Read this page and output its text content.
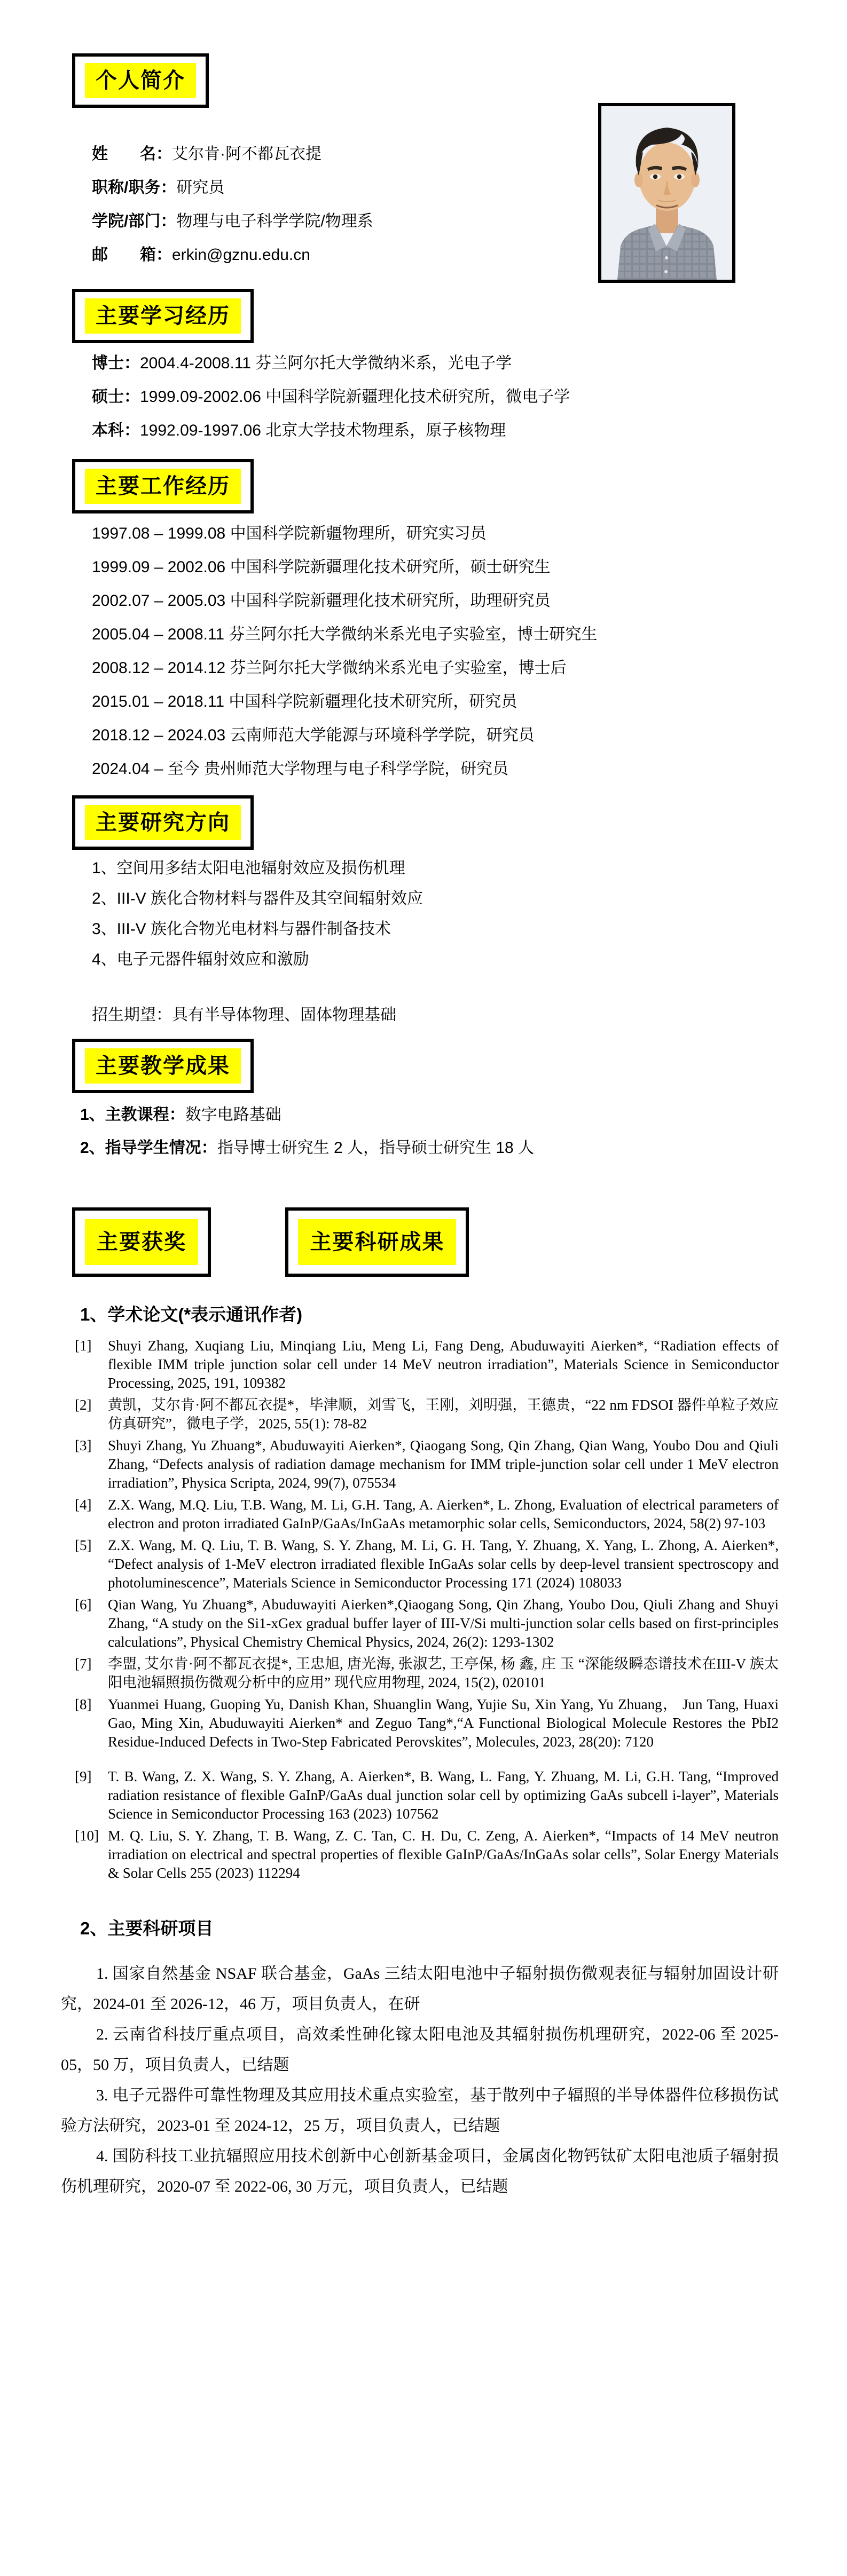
个人简介
姓　　名：艾尔肯·阿不都瓦衣提
职称/职务：研究员
学院/部门：物理与电子科学学院/物理系
邮　　箱：erkin@gznu.edu.cn
主要学习经历
博士：2004.4-2008.11 芬兰阿尔托大学微纳米系，光电子学
硕士：1999.09-2002.06 中国科学院新疆理化技术研究所，微电子学
本科：1992.09-1997.06 北京大学技术物理系，原子核物理
主要工作经历
1997.08 – 1999.08 中国科学院新疆物理所，研究实习员
1999.09 – 2002.06 中国科学院新疆理化技术研究所，硕士研究生
2002.07 – 2005.03 中国科学院新疆理化技术研究所，助理研究员
2005.04 – 2008.11 芬兰阿尔托大学微纳米系光电子实验室，博士研究生
2008.12 – 2014.12 芬兰阿尔托大学微纳米系光电子实验室，博士后
2015.01 – 2018.11 中国科学院新疆理化技术研究所，研究员
2018.12 – 2024.03 云南师范大学能源与环境科学学院，研究员
2024.04 – 至今 贵州师范大学物理与电子科学学院，研究员
主要研究方向
1、空间用多结太阳电池辐射效应及损伤机理
2、III-V 族化合物材料与器件及其空间辐射效应
3、III-V 族化合物光电材料与器件制备技术
4、电子元器件辐射效应和激励
招生期望：具有半导体物理、固体物理基础
主要教学成果
1、主教课程：数字电路基础
2、指导学生情况：指导博士研究生 2 人，指导硕士研究生 18 人
主要获奖	主要科研成果
1、学术论文(*表示通讯作者)
[1]	Shuyi Zhang, Xuqiang Liu, Minqiang Liu, Meng Li, Fang Deng, Abuduwayiti Aierken*, “Radiation effects of flexible IMM triple junction solar cell under 14 MeV neutron irradiation”, Materials Science in Semiconductor Processing, 2025, 191, 109382
[2]	黄凯，艾尔肯·阿不都瓦衣提*，毕津顺，刘雪飞，王刚，刘明强，王德贵，“22 nm FDSOI 器件单粒子效应仿真研究”，微电子学，2025, 55(1): 78-82
[3]	Shuyi Zhang, Yu Zhuang*, Abuduwayiti Aierken*, Qiaogang Song, Qin Zhang, Qian Wang, Youbo Dou and Qiuli Zhang, “Defects analysis of radiation damage mechanism for IMM triple-junction solar cell under 1 MeV electron irradiation”, Physica Scripta, 2024, 99(7), 075534
[4]	Z.X. Wang, M.Q. Liu, T.B. Wang, M. Li, G.H. Tang, A. Aierken*, L. Zhong, Evaluation of electrical parameters of electron and proton irradiated GaInP/GaAs/InGaAs metamorphic solar cells, Semiconductors, 2024, 58(2) 97-103
[5]	Z.X. Wang, M. Q. Liu, T. B. Wang, S. Y. Zhang, M. Li, G. H. Tang, Y. Zhuang, X. Yang, L. Zhong, A. Aierken*, “Defect analysis of 1-MeV electron irradiated flexible InGaAs solar cells by deep-level transient spectroscopy and photoluminescence”, Materials Science in Semiconductor Processing 171 (2024) 108033
[6]	Qian Wang, Yu Zhuang*, Abuduwayiti Aierken*,Qiaogang Song, Qin Zhang, Youbo Dou, Qiuli Zhang and Shuyi Zhang, “A study on the Si1-xGex gradual buffer layer of III-V/Si multi-junction solar cells based on first-principles calculations”, Physical Chemistry Chemical Physics, 2024, 26(2): 1293-1302
[7]	李盟, 艾尔肯·阿不都瓦衣提*, 王忠旭, 唐光海, 张淑艺, 王亭保, 杨 鑫, 庄 玉 “深能级瞬态谱技术在III-V 族太阳电池辐照损伤微观分析中的应用” 现代应用物理, 2024, 15(2), 020101
[8]	Yuanmei Huang, Guoping Yu, Danish Khan, Shuanglin Wang, Yujie Su, Xin Yang, Yu Zhuang， Jun Tang, Huaxi Gao, Ming Xin, Abuduwayiti Aierken* and Zeguo Tang*,“A Functional Biological Molecule Restores the PbI2 Residue-Induced Defects in Two-Step Fabricated Perovskites”, Molecules, 2023, 28(20): 7120
[9]	T. B. Wang, Z. X. Wang, S. Y. Zhang, A. Aierken*, B. Wang, L. Fang, Y. Zhuang, M. Li, G.H. Tang, “Improved radiation resistance of flexible GaInP/GaAs dual junction solar cell by optimizing GaAs subcell i-layer”, Materials Science in Semiconductor Processing 163 (2023) 107562
[10] M. Q. Liu, S. Y. Zhang, T. B. Wang, Z. C. Tan, C. H. Du, C. Zeng, A. Aierken*, “Impacts of 14 MeV neutron irradiation on electrical and spectral properties of flexible GaInP/GaAs/InGaAs solar cells”, Solar Energy Materials & Solar Cells 255 (2023) 112294
2、主要科研项目

1. 国家自然基金 NSAF 联合基金，GaAs 三结太阳电池中子辐射损伤微观表征与辐射加固设计研究，2024-01 至 2026-12，46 万，项目负责人，在研

2. 云南省科技厅重点项目，高效柔性砷化镓太阳电池及其辐射损伤机理研究，2022-06 至 2025-05，50 万，项目负责人，已结题

3. 电子元器件可靠性物理及其应用技术重点实验室，基于散列中子辐照的半导体器件位移损伤试验方法研究，2023-01 至 2024-12，25 万，项目负责人，已结题

4. 国防科技工业抗辐照应用技术创新中心创新基金项目，金属卤化物钙钛矿太阳电池质子辐射损伤机理研究，2020-07 至 2022-06, 30 万元，项目负责人，已结题
